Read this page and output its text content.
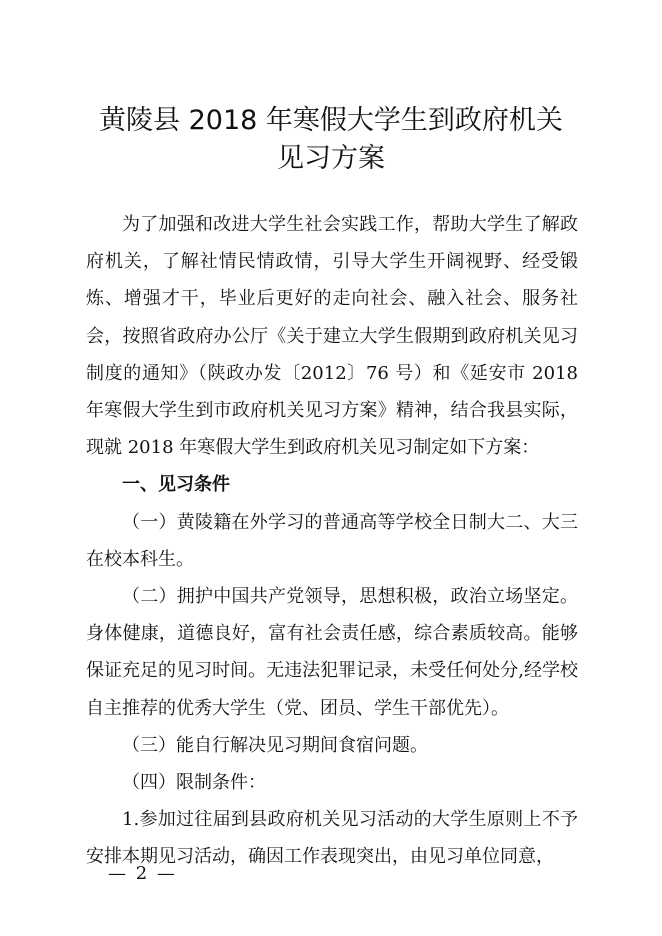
黄陵县 2018 年寒假大学生到政府机关
见习方案

为了加强和改进大学生社会实践工作，帮助大学生了解政府机关，了解社情民情政情，引导大学生开阔视野、经受锻炼、增强才干，毕业后更好的走向社会、融入社会、服务社会，按照省政府办公厅《关于建立大学生假期到政府机关见习制度的通知》（陕政办发〔2012〕76 号）和《延安市 2018 年寒假大学生到市政府机关见习方案》精神，结合我县实际，现就 2018 年寒假大学生到政府机关见习制定如下方案：

一、见习条件

（一）黄陵籍在外学习的普通高等学校全日制大二、大三在校本科生。

（二）拥护中国共产党领导，思想积极，政治立场坚定。身体健康，道德良好，富有社会责任感，综合素质较高。能够保证充足的见习时间。无违法犯罪记录，未受任何处分,经学校自主推荐的优秀大学生（党、团员、学生干部优先）。

（三）能自行解决见习期间食宿问题。

（四）限制条件：

1.参加过往届到县政府机关见习活动的大学生原则上不予安排本期见习活动，确因工作表现突出，由见习单位同意，

— 2 —
